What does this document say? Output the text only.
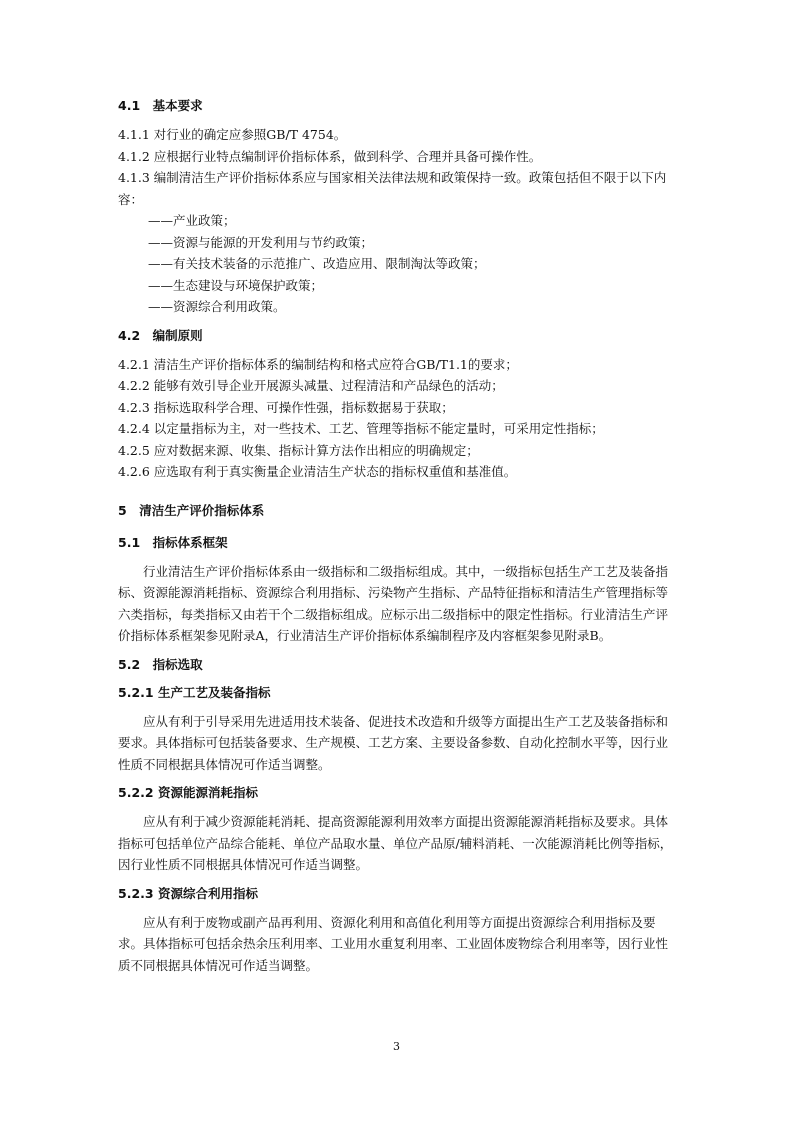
4.1　基本要求

4.1.1 对行业的确定应参照GB/T 4754。

4.1.2 应根据行业特点编制评价指标体系，做到科学、合理并具备可操作性。

4.1.3 编制清洁生产评价指标体系应与国家相关法律法规和政策保持一致。政策包括但不限于以下内容：

——产业政策；

——资源与能源的开发利用与节约政策；

——有关技术装备的示范推广、改造应用、限制淘汰等政策；

——生态建设与环境保护政策；

——资源综合利用政策。

4.2　编制原则

4.2.1 清洁生产评价指标体系的编制结构和格式应符合GB/T1.1的要求；

4.2.2 能够有效引导企业开展源头减量、过程清洁和产品绿色的活动；

4.2.3 指标选取科学合理、可操作性强，指标数据易于获取；

4.2.4 以定量指标为主，对一些技术、工艺、管理等指标不能定量时，可采用定性指标；

4.2.5 应对数据来源、收集、指标计算方法作出相应的明确规定；

4.2.6 应选取有利于真实衡量企业清洁生产状态的指标权重值和基准值。

5　清洁生产评价指标体系

5.1　指标体系框架

行业清洁生产评价指标体系由一级指标和二级指标组成。其中，一级指标包括生产工艺及装备指标、资源能源消耗指标、资源综合利用指标、污染物产生指标、产品特征指标和清洁生产管理指标等六类指标，每类指标又由若干个二级指标组成。应标示出二级指标中的限定性指标。行业清洁生产评价指标体系框架参见附录A，行业清洁生产评价指标体系编制程序及内容框架参见附录B。

5.2　指标选取

5.2.1 生产工艺及装备指标

应从有利于引导采用先进适用技术装备、促进技术改造和升级等方面提出生产工艺及装备指标和要求。具体指标可包括装备要求、生产规模、工艺方案、主要设备参数、自动化控制水平等，因行业性质不同根据具体情况可作适当调整。

5.2.2 资源能源消耗指标

应从有利于减少资源能耗消耗、提高资源能源利用效率方面提出资源能源消耗指标及要求。具体指标可包括单位产品综合能耗、单位产品取水量、单位产品原/辅料消耗、一次能源消耗比例等指标，因行业性质不同根据具体情况可作适当调整。

5.2.3 资源综合利用指标

应从有利于废物或副产品再利用、资源化利用和高值化利用等方面提出资源综合利用指标及要求。具体指标可包括余热余压利用率、工业用水重复利用率、工业固体废物综合利用率等，因行业性质不同根据具体情况可作适当调整。

3
